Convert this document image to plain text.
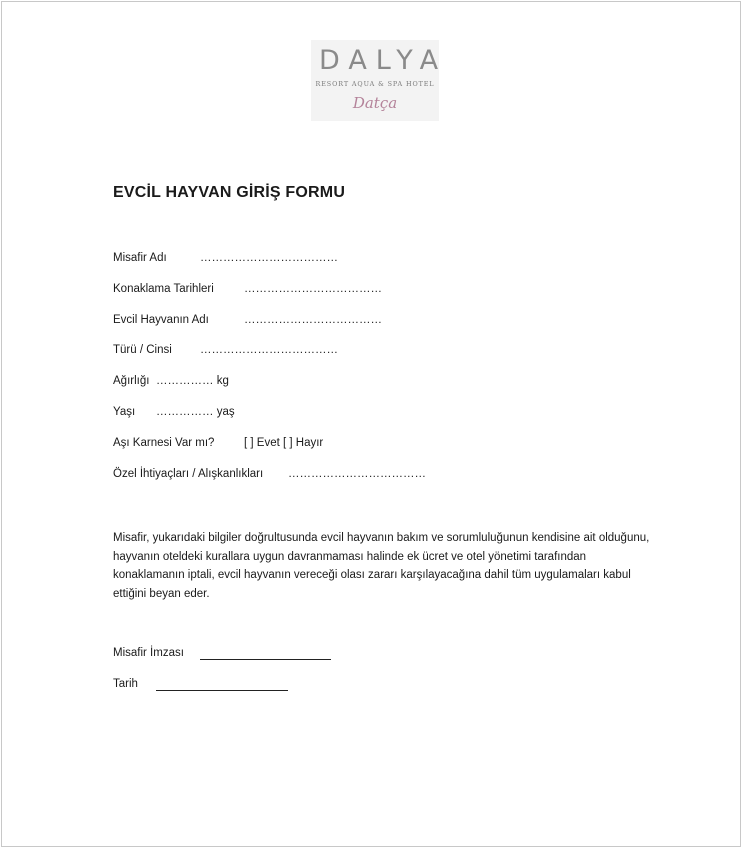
DALYA
RESORT AQUA & SPA HOTEL
Datça
EVCİL HAYVAN GİRİŞ FORMU
Misafir Adı	………………………………
Konaklama Tarihleri	………………………………
Evcil Hayvanın Adı	………………………………
Türü / Cinsi ………………………………
Ağırlığı …………… kg
Yaşı …………… yaş
Aşı Karnesi Var mı?	[ ] Evet [ ] Hayır
Özel İhtiyaçları / Alışkanlıkları ………………………………
Misafir, yukarıdaki bilgiler doğrultusunda evcil hayvanın bakım ve sorumluluğunun kendisine ait olduğunu, hayvanın oteldeki kurallara uygun davranmaması halinde ek ücret ve otel yönetimi tarafından konaklamanın iptali, evcil hayvanın vereceği olası zararı karşılayacağına dahil tüm uygulamaları kabul ettiğini beyan eder.
Misafir İmzası
Tarih
